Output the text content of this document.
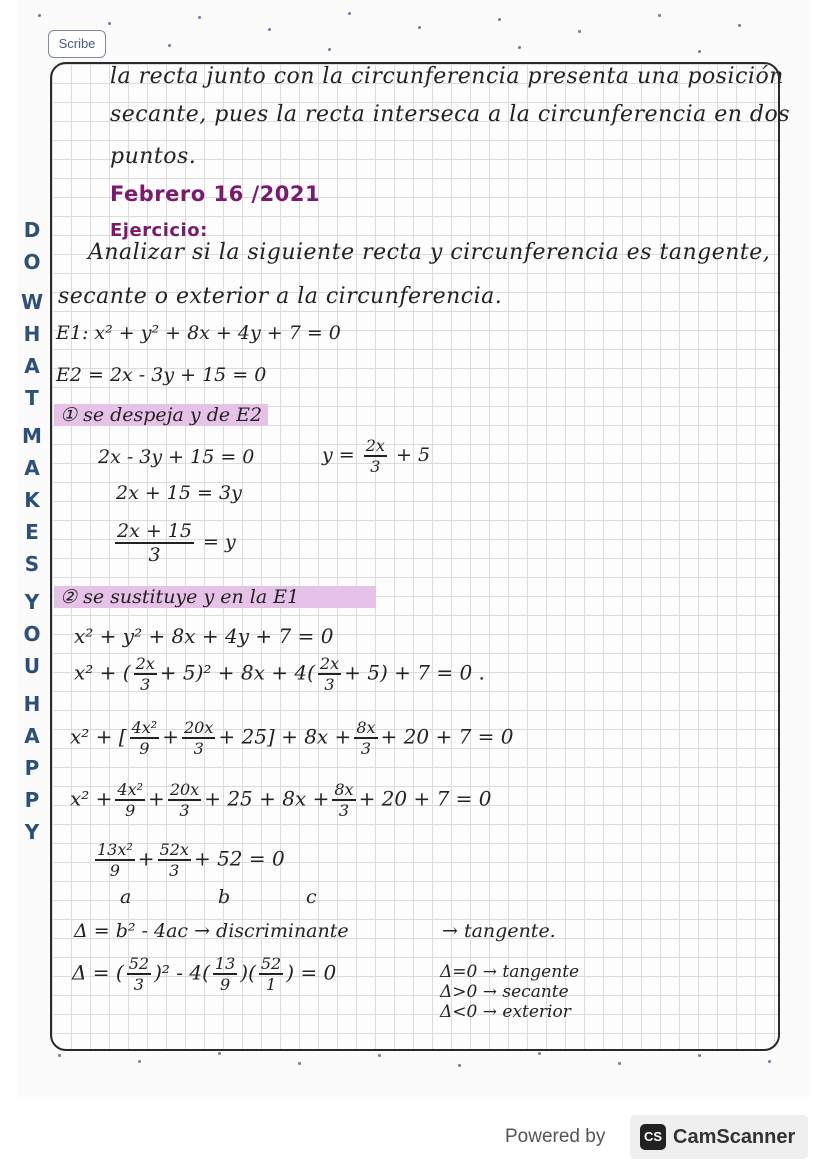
Scribe
D
O
W
H
A
T
M
A
K
E
S
Y
O
U
H
A
P
P
Y
la recta junto con la circunferencia presenta una posición
secante, pues la recta interseca a la circunferencia en dos
puntos.
Febrero 16 /2021
Ejercicio:
Analizar si la siguiente recta y circunferencia es tangente,
secante o exterior a la circunferencia.
E1: x² + y² + 8x + 4y + 7 = 0
E2 = 2x - 3y + 15 = 0
① se despeja y de E2
2x - 3y + 15 = 0	$y = \frac{2x}{3} + 5$
2x + 15 = 3y
$\frac{2x + 15}{3} = y$
② se sustituye y en la E1
x² + y² + 8x + 4y + 7 = 0
x² + ( $\frac{2x}{3} + 5)^2 + 8x + 4( \frac{2x}{3} + 5) + 7 = 0$ .
x² + [ $\frac{\text{4x²}}{9} + \frac{20x}{3} + 25] + 8x + \frac{8x}{3} + 20 + 7 = 0$
$x^2 + \frac{\text{4x²}}{9} + \frac{20x}{3} + 25 + 8x + \frac{8x}{3} + 20 + 7 = 0$
$\frac{\text{13x²}}{9} + \frac{52x}{3} + 52 = 0$
a	b	c
Δ = b² - 4ac → discriminante	→ tangente.
Δ = ( $\frac{52}{3} )^2 - 4( \frac{13}{9}$ )( $\frac{52}{1}$ ) = 0	Δ=0 → tangente
Δ>0 → secante
Δ<0 → exterior
Powered by	CS CamScanner
